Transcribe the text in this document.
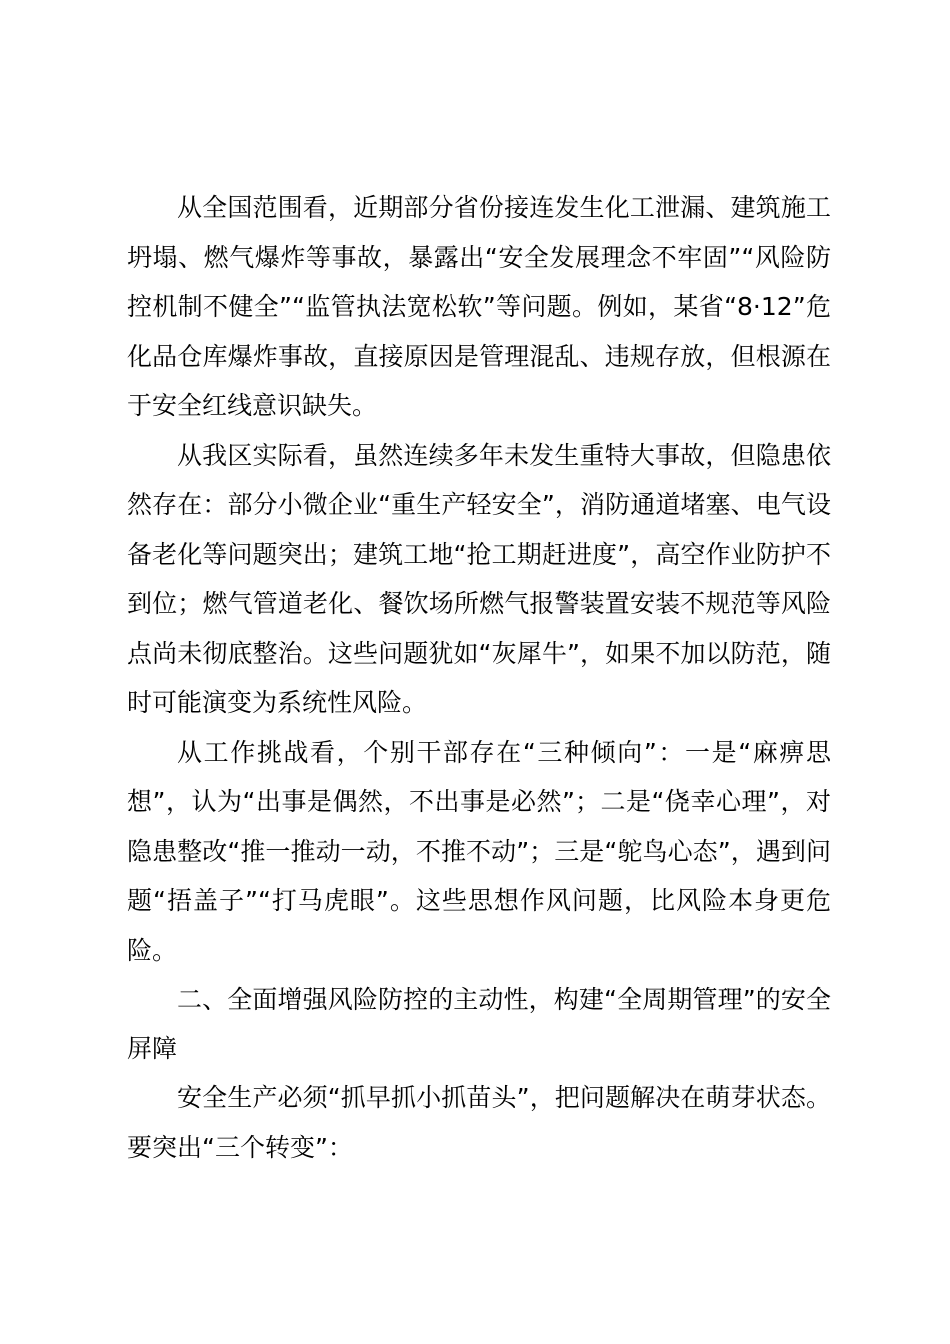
从全国范围看，近期部分省份接连发生化工泄漏、建筑施工坍塌、燃气爆炸等事故，暴露出“安全发展理念不牢固”“风险防控机制不健全”“监管执法宽松软”等问题。例如，某省“8·12”危化品仓库爆炸事故，直接原因是管理混乱、违规存放，但根源在于安全红线意识缺失。

从我区实际看，虽然连续多年未发生重特大事故，但隐患依然存在：部分小微企业“重生产轻安全”，消防通道堵塞、电气设备老化等问题突出；建筑工地“抢工期赶进度”，高空作业防护不到位；燃气管道老化、餐饮场所燃气报警装置安装不规范等风险点尚未彻底整治。这些问题犹如“灰犀牛”，如果不加以防范，随时可能演变为系统性风险。

从工作挑战看，个别干部存在“三种倾向”：一是“麻痹思想”，认为“出事是偶然，不出事是必然”；二是“侥幸心理”，对隐患整改“推一推动一动，不推不动”；三是“鸵鸟心态”，遇到问题“捂盖子”“打马虎眼”。这些思想作风问题，比风险本身更危险。

二、全面增强风险防控的主动性，构建“全周期管理”的安全屏障

安全生产必须“抓早抓小抓苗头”，把问题解决在萌芽状态。要突出“三个转变”：
